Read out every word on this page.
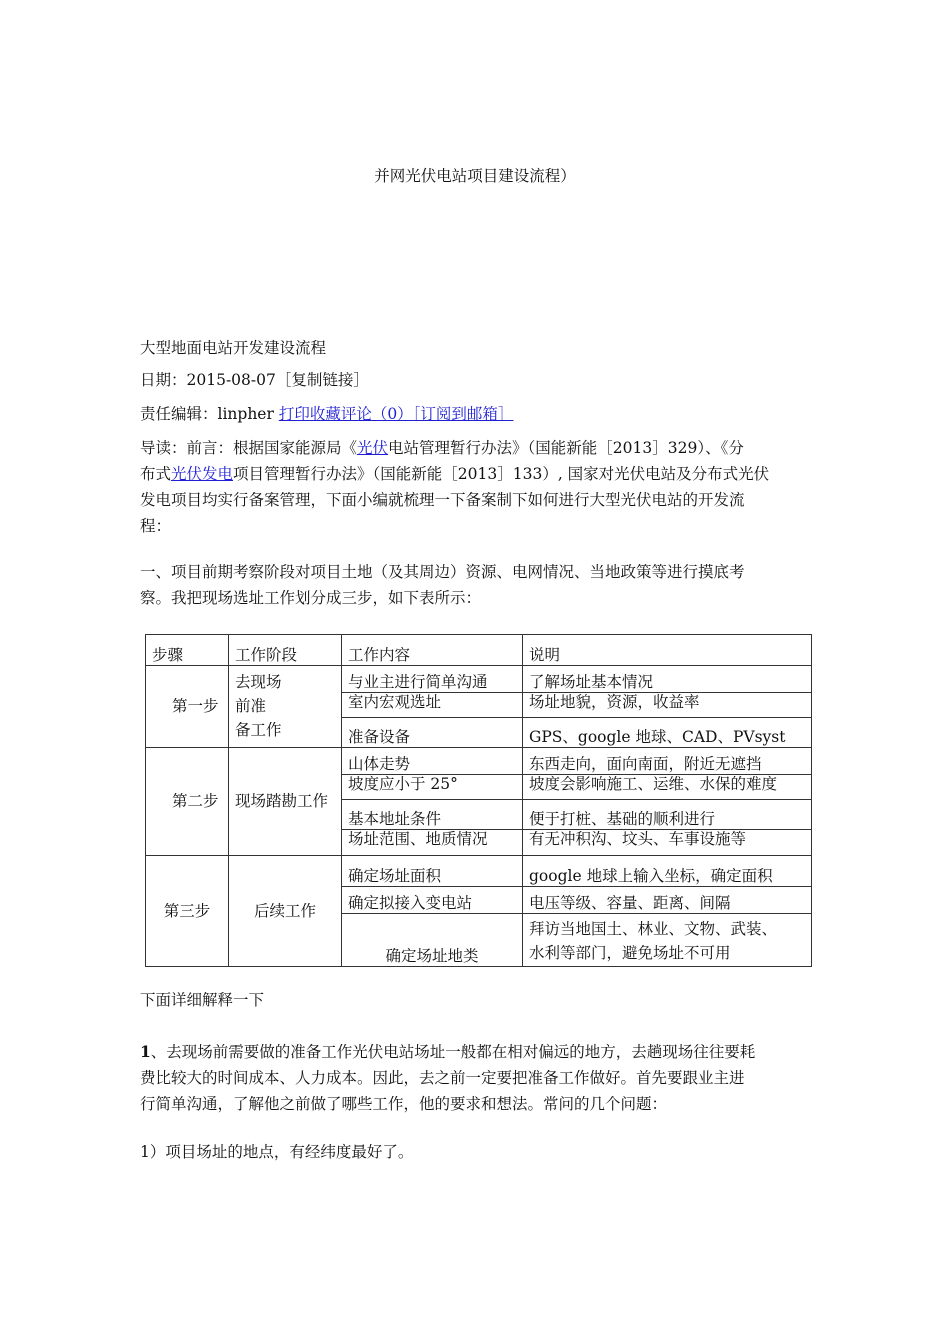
并网光伏电站项目建设流程）
大型地面电站开发建设流程
日期：2015-08-07［复制链接］
责任编辑：linpher 打印收藏评论（0）［订阅到邮箱］
导读：前言：根据国家能源局《光伏电站管理暂行办法》（国能新能［2013］329）、《分
布式光伏发电项目管理暂行办法》（国能新能［2013］133）, 国家对光伏电站及分布式光伏
发电项目均实行备案管理，下面小编就梳理一下备案制下如何进行大型光伏电站的开发流
程：
一、项目前期考察阶段对项目土地（及其周边）资源、电网情况、当地政策等进行摸底考
察。我把现场选址工作划分成三步，如下表所示：
步骤	工作阶段	工作内容	说明

第一步	去现场
前准
备工作	与业主进行简单沟通	了解场址基本情况
		室内宏观选址	场址地貌，资源，收益率
		准备设备	GPS、google 地球、CAD、PVsyst

第二步	现场踏勘工作	山体走势	东西走向，面向南面，附近无遮挡
		坡度应小于 25°	坡度会影响施工、运维、水保的难度
		基本地址条件	便于打桩、基础的顺利进行
		场址范围、地质情况	有无冲积沟、坟头、车事设施等
第三步	后续工作	确定场址面积	google 地球上输入坐标，确定面积
		确定拟接入变电站	电压等级、容量、距离、间隔
		确定场址地类	拜访当地国土、林业、文物、武装、
水利等部门，避免场址不可用
下面详细解释一下
1、去现场前需要做的准备工作光伏电站场址一般都在相对偏远的地方，去趟现场往往要耗
费比较大的时间成本、人力成本。因此，去之前一定要把准备工作做好。首先要跟业主进
行简单沟通，了解他之前做了哪些工作，他的要求和想法。常问的几个问题：
1）项目场址的地点，有经纬度最好了。
